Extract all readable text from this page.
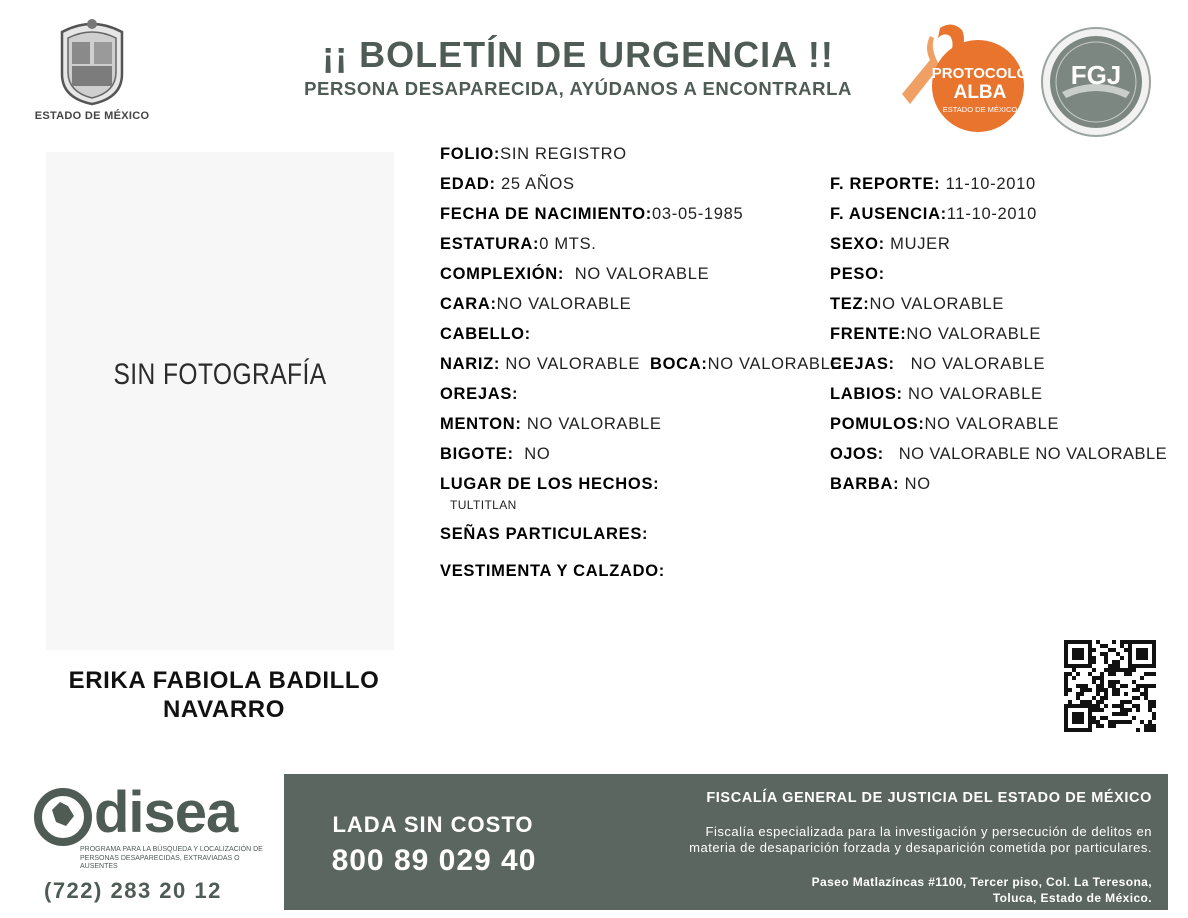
ESTADO DE MÉXICO
¡¡ BOLETÍN DE URGENCIA !!
PERSONA DESAPARECIDA, AYÚDANOS A ENCONTRARLA
PROTOCOLO
ALBA
ESTADO DE MÉXICO
FGJ
SIN FOTOGRAFÍA
ERIKA FABIOLA BADILLO
NAVARRO
FOLIO:SIN REGISTRO
EDAD: 25 AÑOS
FECHA DE NACIMIENTO:03-05-1985
ESTATURA:0 MTS.
COMPLEXIÓN: NO VALORABLE
CARA:NO VALORABLE
CABELLO:
NARIZ: NO VALORABLE BOCA:NO VALORABLE
OREJAS:
MENTON: NO VALORABLE
BIGOTE: NO
LUGAR DE LOS HECHOS:
TULTITLAN
SEÑAS PARTICULARES:
VESTIMENTA Y CALZADO:
F. REPORTE: 11-10-2010
F. AUSENCIA:11-10-2010
SEXO: MUJER
PESO:
TEZ:NO VALORABLE
FRENTE:NO VALORABLE
CEJAS: NO VALORABLE
LABIOS: NO VALORABLE
POMULOS:NO VALORABLE
OJOS: NO VALORABLE NO VALORABLE
BARBA: NO
disea
PROGRAMA PARA LA BÚSQUEDA Y LOCALIZACIÓN DE PERSONAS DESAPARECIDAS, EXTRAVIADAS O AUSENTES
(722) 283 20 12
LADA SIN COSTO
800 89 029 40
FISCALÍA GENERAL DE JUSTICIA DEL ESTADO DE MÉXICO
Fiscalía especializada para la investigación y persecución de delitos en
materia de desaparición forzada y desaparición cometida por particulares.
Paseo Matlazíncas #1100, Tercer piso, Col. La Teresona,
Toluca, Estado de México.
